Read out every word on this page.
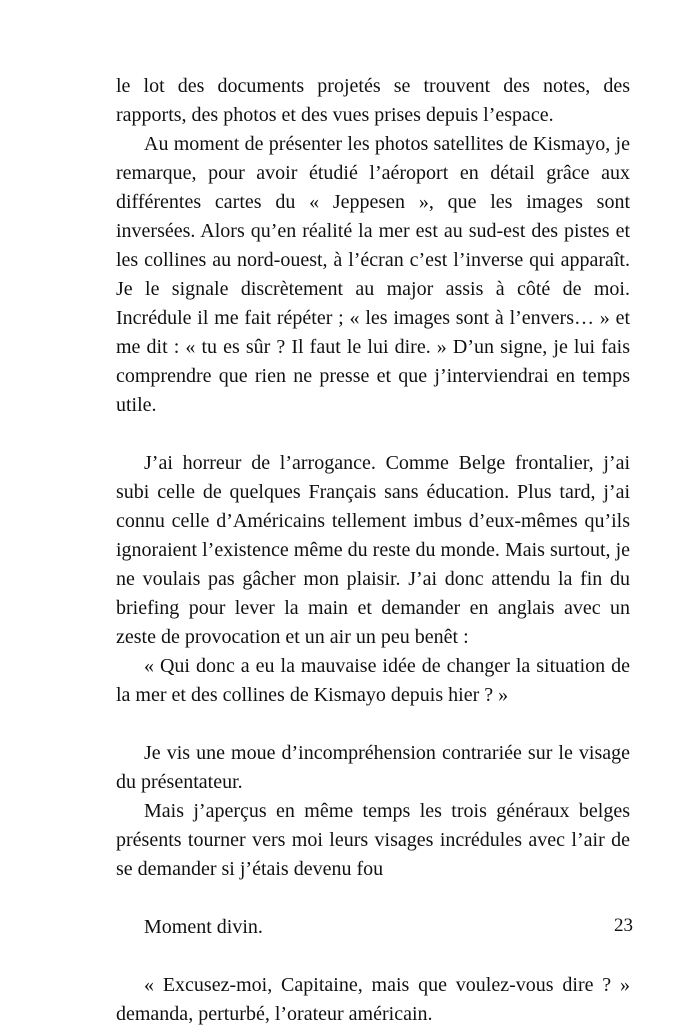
le lot des documents projetés se trouvent des notes, des rapports, des photos et des vues prises depuis l’espace.

Au moment de présenter les photos satellites de Kismayo, je remarque, pour avoir étudié l’aéroport en détail grâce aux différentes cartes du « Jeppesen », que les images sont inversées. Alors qu’en réalité la mer est au sud-est des pistes et les collines au nord-ouest, à l’écran c’est l’inverse qui apparaît. Je le signale discrètement au major assis à côté de moi. Incrédule il me fait répéter ; « les images sont à l’envers… » et me dit : « tu es sûr ? Il faut le lui dire. » D’un signe, je lui fais comprendre que rien ne presse et que j’interviendrai en temps utile.

J’ai horreur de l’arrogance. Comme Belge frontalier, j’ai subi celle de quelques Français sans éducation. Plus tard, j’ai connu celle d’Américains tellement imbus d’eux-mêmes qu’ils ignoraient l’existence même du reste du monde. Mais surtout, je ne voulais pas gâcher mon plaisir. J’ai donc attendu la fin du briefing pour lever la main et demander en anglais avec un zeste de provocation et un air un peu benêt :

« Qui donc a eu la mauvaise idée de changer la situation de la mer et des collines de Kismayo depuis hier ? »

Je vis une moue d’incompréhension contrariée sur le visage du présentateur.

Mais j’aperçus en même temps les trois généraux belges présents tourner vers moi leurs visages incrédules avec l’air de se demander si j’étais devenu fou

Moment divin.

« Excusez-moi, Capitaine, mais que voulez-vous dire ? » demanda, perturbé, l’orateur américain.

23
